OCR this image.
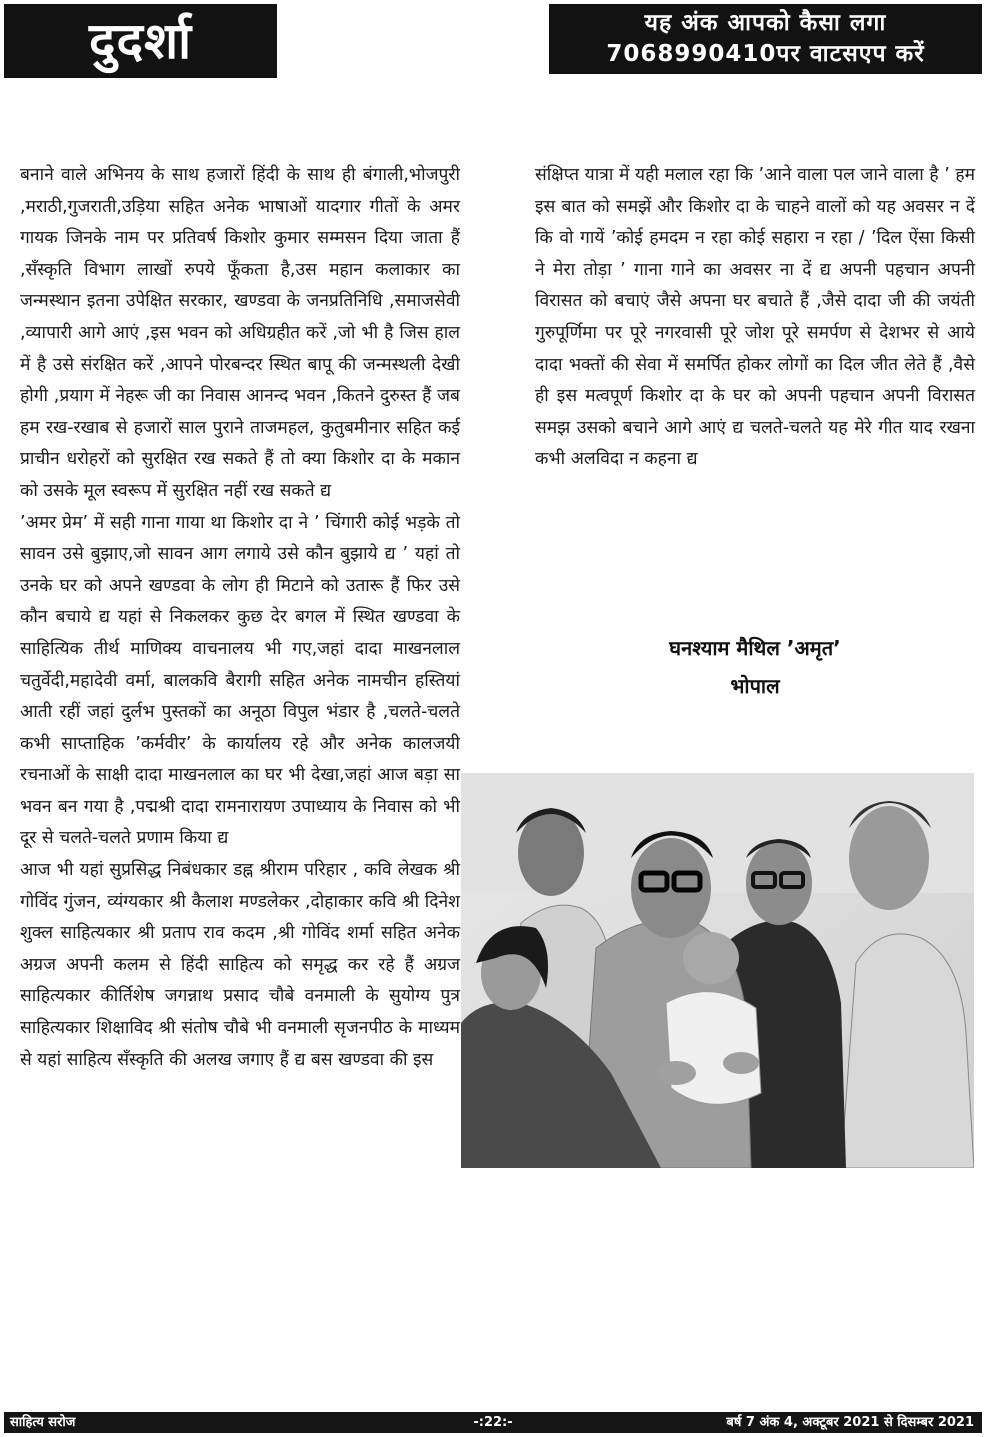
दुदर्शा	यह अंक आपको कैसा लगा
7068990410पर वाटसएप करें

बनाने वाले अभिनय के साथ हजारों हिंदी के साथ ही बंगाली,भोजपुरी ,मराठी,गुजराती,उड़िया सहित अनेक भाषाओं यादगार गीतों के अमर गायक जिनके नाम पर प्रतिवर्ष किशोर कुमार सम्मसन दिया जाता हैं ,सँस्कृति विभाग लाखों रुपये फूँकता है,उस महान कलाकार का जन्मस्थान इतना उपेक्षित सरकार, खण्डवा के जनप्रतिनिधि ,समाजसेवी ,व्यापारी आगे आएं ,इस भवन को अधिग्रहीत करें ,जो भी है जिस हाल में है उसे संरक्षित करें ,आपने पोरबन्दर स्थित बापू की जन्मस्थली देखी होगी ,प्रयाग में नेहरू जी का निवास आनन्द भवन ,कितने दुरुस्त हैं जब हम रख-रखाब से हजारों साल पुराने ताजमहल, कुतुबमीनार सहित कई प्राचीन धरोहरों को सुरक्षित रख सकते हैं तो क्या किशोर दा के मकान को उसके मूल स्वरूप में सुरक्षित नहीं रख सकते द्य

’अमर प्रेम’ में सही गाना गाया था किशोर दा ने ’ चिंगारी कोई भड़के तो सावन उसे बुझाए,जो सावन आग लगाये उसे कौन बुझाये द्य ’ यहां तो उनके घर को अपने खण्डवा के लोग ही मिटाने को उतारू हैं फिर उसे कौन बचाये द्य यहां से निकलकर कुछ देर बगल में स्थित खण्डवा के साहित्यिक तीर्थ माणिक्य वाचनालय भी गए,जहां दादा माखनलाल चतुर्वेदी,महादेवी वर्मा, बालकवि बैरागी सहित अनेक नामचीन हस्तियां आती रहीं जहां दुर्लभ पुस्तकों का अनूठा विपुल भंडार है ,चलते-चलते कभी साप्ताहिक ’कर्मवीर’ के कार्यालय रहे और अनेक कालजयी रचनाओं के साक्षी दादा माखनलाल का घर भी देखा,जहां आज बड़ा सा भवन बन गया है ,पद्मश्री दादा रामनारायण उपाध्याय के निवास को भी दूर से चलते-चलते प्रणाम किया द्य

आज भी यहां सुप्रसिद्ध निबंधकार डह्न श्रीराम परिहार , कवि लेखक श्री गोविंद गुंजन, व्यंग्यकार श्री कैलाश मण्डलेकर ,दोहाकार कवि श्री दिनेश शुक्ल साहित्यकार श्री प्रताप राव कदम ,श्री गोविंद शर्मा सहित अनेक अग्रज अपनी कलम से हिंदी साहित्य को समृद्ध कर रहे हैं अग्रज साहित्यकार कीर्तिशेष जगन्नाथ प्रसाद चौबे वनमाली के सुयोग्य पुत्र साहित्यकार शिक्षाविद श्री संतोष चौबे भी वनमाली सृजनपीठ के माध्यम से यहां साहित्य सँस्कृति की अलख जगाए हैं द्य बस खण्डवा की इस

संक्षिप्त यात्रा में यही मलाल रहा कि ’आने वाला पल जाने वाला है ’ हम इस बात को समझें और किशोर दा के चाहने वालों को यह अवसर न दें कि वो गायें ’कोई हमदम न रहा कोई सहारा न रहा / ’दिल ऐंसा किसी ने मेरा तोड़ा ’ गाना गाने का अवसर ना दें द्य अपनी पहचान अपनी विरासत को बचाएं जैसे अपना घर बचाते हैं ,जैसे दादा जी की जयंती गुरुपूर्णिमा पर पूरे नगरवासी पूरे जोश पूरे समर्पण से देशभर से आये दादा भक्तों की सेवा में समर्पित होकर लोगों का दिल जीत लेते हैं ,वैसे ही इस मत्वपूर्ण किशोर दा के घर को अपनी पहचान अपनी विरासत समझ उसको बचाने आगे आएं द्य चलते-चलते यह मेरे गीत याद रखना कभी अलविदा न कहना द्य

घनश्याम मैथिल ’अमृत’
भोपाल
साहित्य सरोज	-:22:-	बर्ष 7 अंक 4, अक्टूबर 2021 से दिसम्बर 2021
